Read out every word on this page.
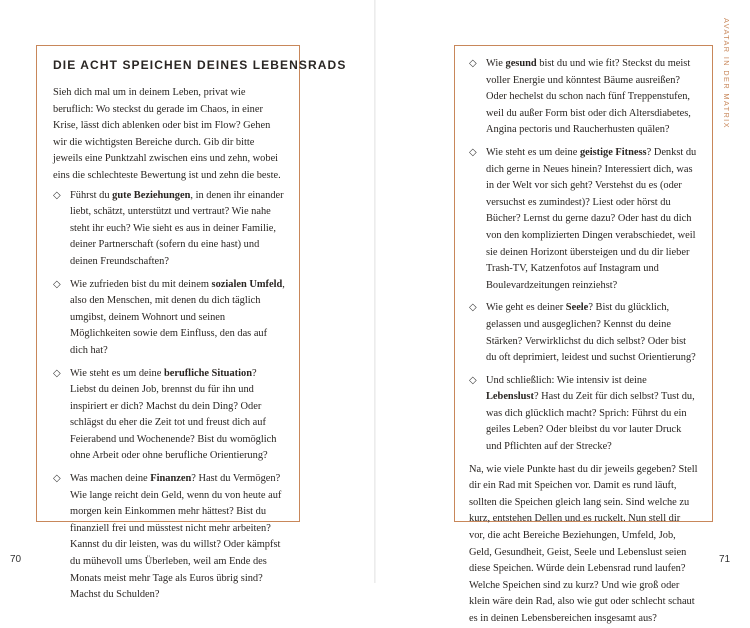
DIE ACHT SPEICHEN DEINES LEBENSRADS

Sieh dich mal um in deinem Leben, privat wie beruflich: Wo steckst du gerade im Chaos, in einer Krise, lässt dich ablenken oder bist im Flow? Gehen wir die wichtigsten Bereiche durch. Gib dir bitte jeweils eine Punktzahl zwischen eins und zehn, wobei eins die schlechteste Bewertung ist und zehn die beste.

◇ Führst du gute Beziehungen, in denen ihr einander liebt, schätzt, unterstützt und vertraut? Wie nahe steht ihr euch? Wie sieht es aus in deiner Familie, deiner Partnerschaft (sofern du eine hast) und deinen Freundschaften?
◇ Wie zufrieden bist du mit deinem sozialen Umfeld, also den Menschen, mit denen du dich täglich umgibst, deinem Wohnort und seinen Möglichkeiten sowie dem Einfluss, den das auf dich hat?
◇ Wie steht es um deine berufliche Situation? Liebst du deinen Job, brennst du für ihn und inspiriert er dich? Machst du dein Ding? Oder schlägst du eher die Zeit tot und freust dich auf Feierabend und Wochenende? Bist du womöglich ohne Arbeit oder ohne berufliche Orientierung?
◇ Was machen deine Finanzen? Hast du Vermögen? Wie lange reicht dein Geld, wenn du von heute auf morgen kein Einkommen mehr hättest? Bist du finanziell frei und müsstest nicht mehr arbeiten? Kannst du dir leisten, was du willst? Oder kämpfst du mühevoll ums Überleben, weil am Ende des Monats meist mehr Tage als Euros übrig sind? Machst du Schulden?
◇ Wie gesund bist du und wie fit? Steckst du meist voller Energie und könntest Bäume ausreißen? Oder hechelst du schon nach fünf Treppenstufen, weil du außer Form bist oder dich Altersdiabetes, Angina pectoris und Raucherhusten quälen?
◇ Wie steht es um deine geistige Fitness? Denkst du dich gerne in Neues hinein? Interessiert dich, was in der Welt vor sich geht? Verstehst du es (oder versuchst es zumindest)? Liest oder hörst du Bücher? Lernst du gerne dazu? Oder hast du dich von den komplizierten Dingen verabschiedet, weil sie deinen Horizont übersteigen und du dir lieber Trash-TV, Katzenfotos auf Instagram und Boulevardzeitungen reinziehst?
◇ Wie geht es deiner Seele? Bist du glücklich, gelassen und ausgeglichen? Kennst du deine Stärken? Verwirklichst du dich selbst? Oder bist du oft deprimiert, leidest und suchst Orientierung?
◇ Und schließlich: Wie intensiv ist deine Lebenslust? Hast du Zeit für dich selbst? Tust du, was dich glücklich macht? Sprich: Führst du ein geiles Leben? Oder bleibst du vor lauter Druck und Pflichten auf der Strecke?

Na, wie viele Punkte hast du dir jeweils gegeben? Stell dir ein Rad mit Speichen vor. Damit es rund läuft, sollten die Speichen gleich lang sein. Sind welche zu kurz, entstehen Dellen und es ruckelt. Nun stell dir vor, die acht Bereiche Beziehungen, Umfeld, Job, Geld, Gesundheit, Geist, Seele und Lebenslust seien diese Speichen. Würde dein Lebensrad rund laufen? Welche Speichen sind zu kurz? Und wie groß oder klein wäre dein Rad, also wie gut oder schlecht schaut es in deinen Lebensbereichen insgesamt aus?

AVATAR IN DER MATRIX
70	71
